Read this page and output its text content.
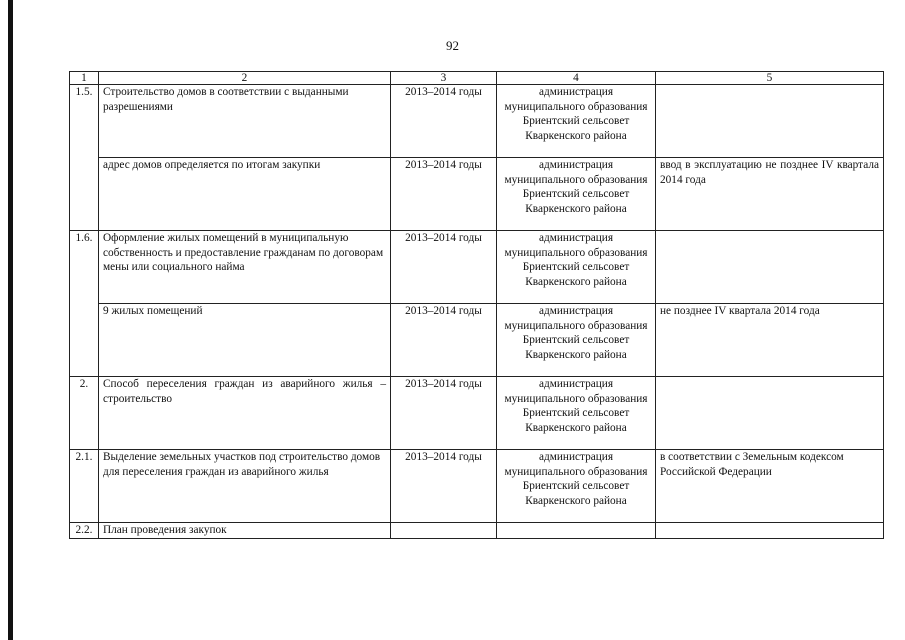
92
1	2	3	4	5
1.5.	Строительство домов в соответствии с выданными разрешениями	2013–2014 годы	администрация муниципального образования Бриентский сельсовет Кваркенского района	
	адрес домов определяется по итогам закупки	2013–2014 годы	администрация муниципального образования Бриентский сельсовет Кваркенского района	ввод в эксплуатацию не позднее IV квартала 2014 года
1.6.	Оформление жилых помещений в муниципальную собственность и предоставление гражданам по договорам мены или социального найма	2013–2014 годы	администрация муниципального образования Бриентский сельсовет Кваркенского района	
	9 жилых помещений	2013–2014 годы	администрация муниципального образования Бриентский сельсовет Кваркенского района	не позднее IV квартала 2014 года
2.	Способ переселения граждан из аварийного жилья – строительство	2013–2014 годы	администрация муниципального образования Бриентский сельсовет Кваркенского района	
2.1.	Выделение земельных участков под строительство домов для переселения граждан из аварийного жилья	2013–2014 годы	администрация муниципального образования Бриентский сельсовет Кваркенского района	в соответствии с Земельным кодексом Российской Федерации
2.2.	План проведения закупок			
